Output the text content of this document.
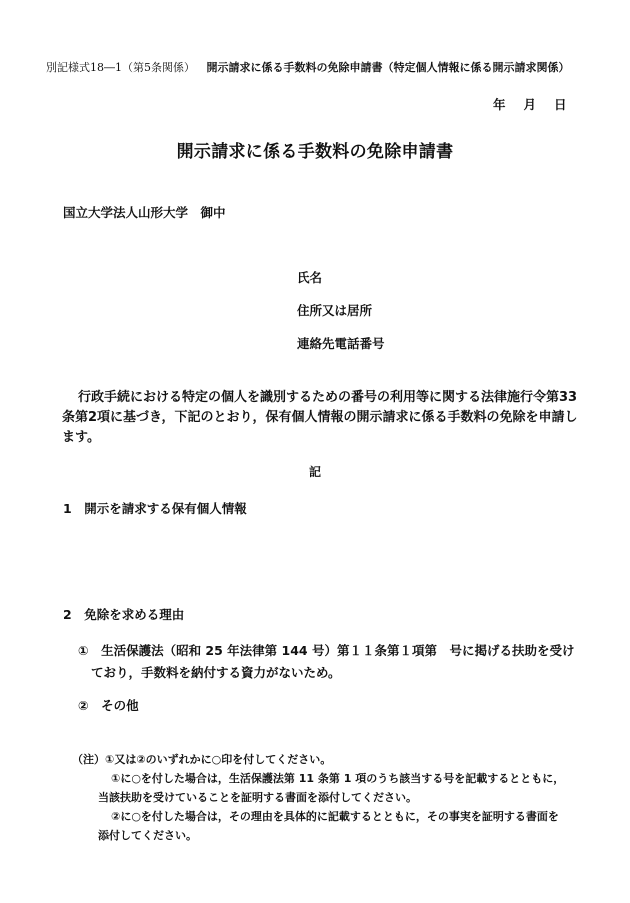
別記様式18―1（第5条関係） 開示請求に係る手数料の免除申請書（特定個人情報に係る開示請求関係）
年 月 日
開示請求に係る手数料の免除申請書
国立大学法人山形大学　御中
氏名
住所又は居所
連絡先電話番号
行政手続における特定の個人を識別するための番号の利用等に関する法律施行令第33条第2項に基づき，下記のとおり，保有個人情報の開示請求に係る手数料の免除を申請します。
記
1　開示を請求する保有個人情報
2　免除を求める理由
①　生活保護法（昭和 25 年法律第 144 号）第１１条第１項第　号に掲げる扶助を受け
ており，手数料を納付する資力がないため。
②　その他
（注）①又は②のいずれかに○印を付してください。
①に○を付した場合は，生活保護法第 11 条第 1 項のうち該当する号を記載するとともに，
当該扶助を受けていることを証明する書面を添付してください。
②に○を付した場合は，その理由を具体的に記載するとともに，その事実を証明する書面を
添付してください。
